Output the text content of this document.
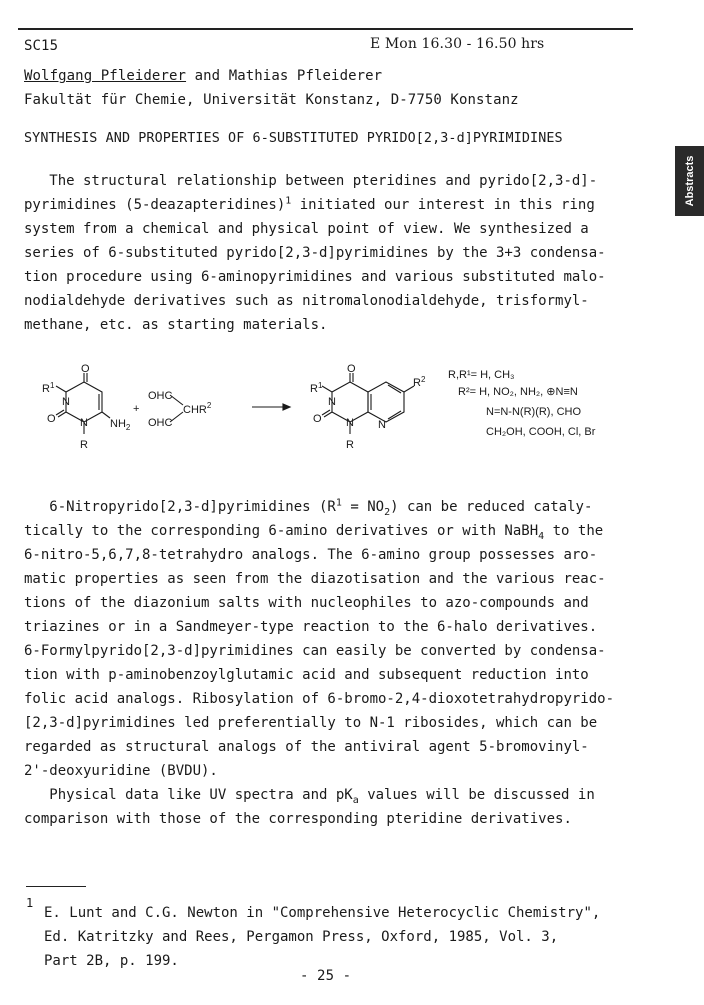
SC15	E Mon 16.30 - 16.50 hrs
Wolfgang Pfleiderer and Mathias Pfleiderer
Fakultät für Chemie, Universität Konstanz, D-7750 Konstanz
SYNTHESIS AND PROPERTIES OF 6-SUBSTITUTED PYRIDO[2,3-d]PYRIMIDINES
Abstracts
The structural relationship between pteridines and pyrido[2,3-d]-
pyrimidines (5-deazapteridines)$^1$ initiated our interest in this ring
system from a chemical and physical point of view. We synthesized a
series of 6-substituted pyrido[2,3-d]pyrimidines by the 3+3 condensa-
tion procedure using 6-aminopyrimidines and various substituted malo-
nodialdehyde derivatives such as nitromalonodialdehyde, trisformyl-
methane, etc. as starting materials.
$R^1$
O
O
N
N $NH_2$
R
+
OHC
OHC
CHR$^2$
$R^1$
O
O
N
N N
$R^2$
R
R,R¹= H, CH₃
R²= H, NO₂, NH₂, ⊕N≡N
N=N-N(R)(R), CHO
CH₂OH, COOH, Cl, Br
6-Nitropyrido[2,3-d]pyrimidines $(R^1 = NO_2)$ can be reduced cataly-
tically to the corresponding 6-amino derivatives or with NaBH$_4$ to the
6-nitro-5,6,7,8-tetrahydro analogs. The 6-amino group possesses aro-
matic properties as seen from the diazotisation and the various reac-
tions of the diazonium salts with nucleophiles to azo-compounds and
triazines or in a Sandmeyer-type reaction to the 6-halo derivatives.
6-Formylpyrido[2,3-d]pyrimidines can easily be converted by condensa-
tion with p-aminobenzoylglutamic acid and subsequent reduction into
folic acid analogs. Ribosylation of 6-bromo-2,4-dioxotetrahydropyrido-
[2,3-d]pyrimidines led preferentially to N-1 ribosides, which can be
regarded as structural analogs of the antiviral agent 5-bromovinyl-
2'-deoxyuridine (BVDU).
Physical data like UV spectra and $pK_a$ values will be discussed in
comparison with those of the corresponding pteridine derivatives.
1
E. Lunt and C.G. Newton in "Comprehensive Heterocyclic Chemistry",
Ed. Katritzky and Rees, Pergamon Press, Oxford, 1985, Vol. 3,
Part 2B, p. 199.
- 25 -
